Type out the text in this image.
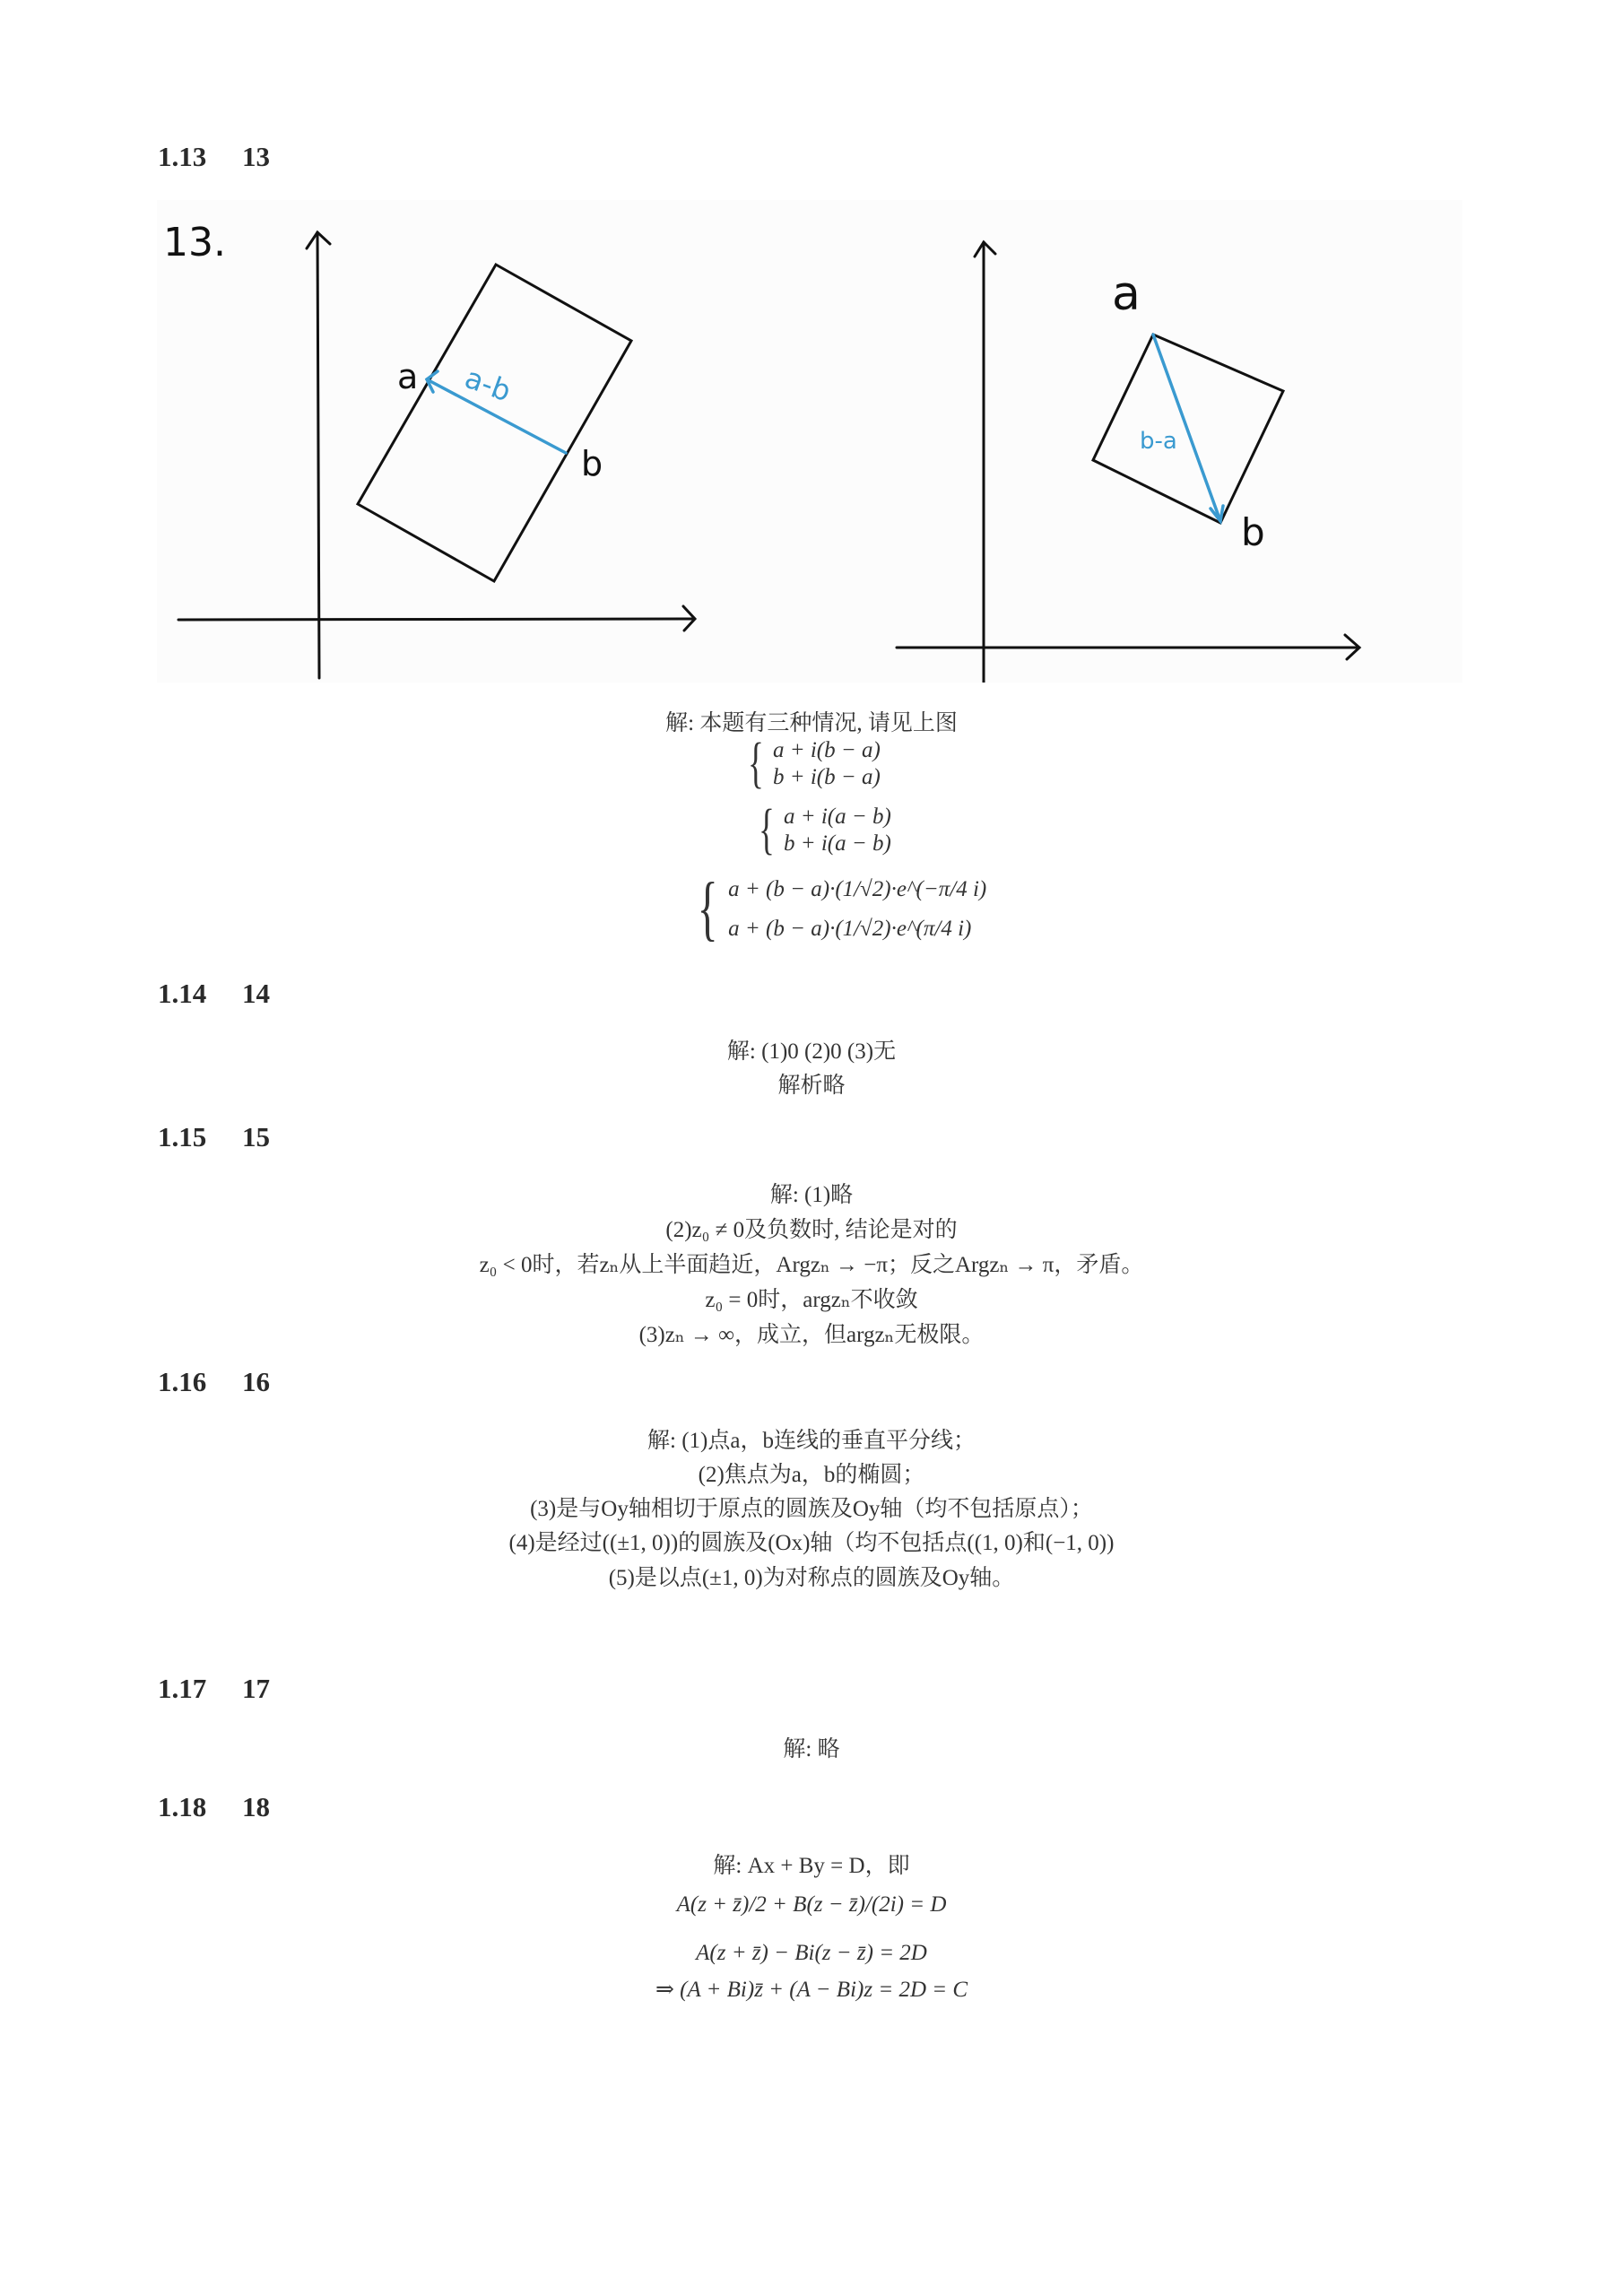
1.13 13
13.
a
b
a-b
a
b
b-a
解: 本题有三种情况, 请见上图
{ a + i(b − a)
b + i(b − a)
{ a + i(a − b)
b + i(a − b)
{ a + (b − a)·(1/√2)·e^(−π/4 i)
a + (b − a)·(1/√2)·e^(π/4 i)
1.14 14
解: (1)0 (2)0 (3)无
解析略
1.15 15
解: (1)略
(2)z₀ ≠ 0及负数时, 结论是对的
z₀ < 0时，若zₙ从上半面趋近，Argzₙ → −π；反之Argzₙ → π，矛盾。
z₀ = 0时，argzₙ不收敛
(3)zₙ → ∞，成立，但argzₙ无极限。
1.16 16
解: (1)点a，b连线的垂直平分线；
(2)焦点为a，b的椭圆；
(3)是与Oy轴相切于原点的圆族及Oy轴（均不包括原点）；
(4)是经过((±1, 0))的圆族及(Ox)轴（均不包括点((1, 0)和(−1, 0))
(5)是以点(±1, 0)为对称点的圆族及Oy轴。
1.17 17
解: 略
1.18 18
解: Ax + By = D，即
A(z + z̄)/2 + B(z − z̄)/(2i) = D
A(z + z̄) − Bi(z − z̄) = 2D
⇒ (A + Bi)z̄ + (A − Bi)z = 2D = C
